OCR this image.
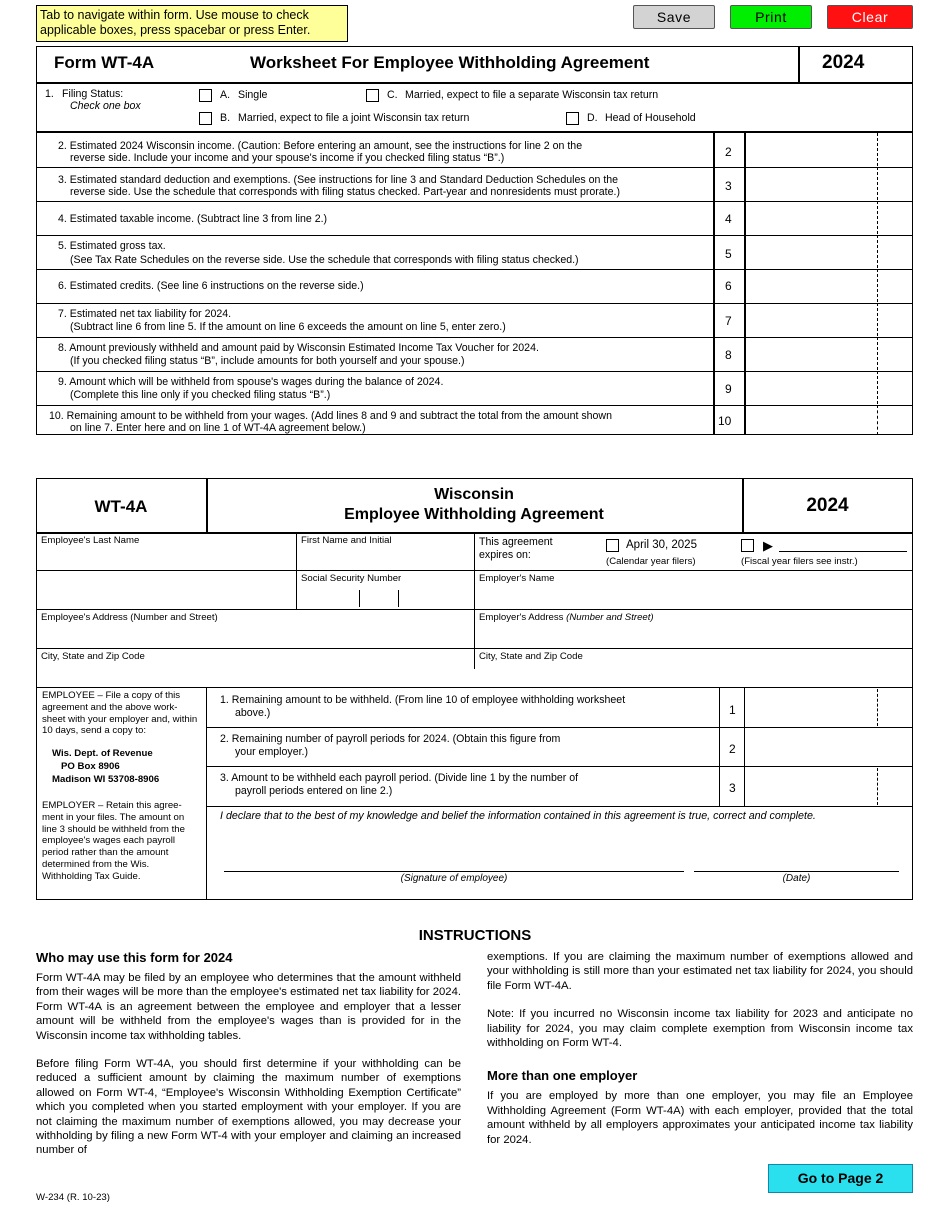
Tab to navigate within form. Use mouse to check applicable boxes, press spacebar or press Enter.
Save	Print	Clear
Form WT-4A	Worksheet For Employee Withholding Agreement	2024
1. Filing Status:
Check one box
A. Single
B. Married, expect to file a joint Wisconsin tax return
C. Married, expect to file a separate Wisconsin tax return
D. Head of Household
2. Estimated 2024 Wisconsin income. (Caution: Before entering an amount, see the instructions for line 2 on the
reverse side. Include your income and your spouse's income if you checked filing status “B”.)	2
3. Estimated standard deduction and exemptions. (See instructions for line 3 and Standard Deduction Schedules on the
reverse side. Use the schedule that corresponds with filing status checked. Part-year and nonresidents must prorate.)	3
4. Estimated taxable income. (Subtract line 3 from line 2.)	4
5. Estimated gross tax.
(See Tax Rate Schedules on the reverse side. Use the schedule that corresponds with filing status checked.)	5
6. Estimated credits. (See line 6 instructions on the reverse side.)	6
7. Estimated net tax liability for 2024.
(Subtract line 6 from line 5. If the amount on line 6 exceeds the amount on line 5, enter zero.)	7
8. Amount previously withheld and amount paid by Wisconsin Estimated Income Tax Voucher for 2024.
(If you checked filing status “B”, include amounts for both yourself and your spouse.)	8
9. Amount which will be withheld from spouse's wages during the balance of 2024.
(Complete this line only if you checked filing status “B”.)	9
10. Remaining amount to be withheld from your wages. (Add lines 8 and 9 and subtract the total from the amount shown
on line 7. Enter here and on line 1 of WT-4A agreement below.)	10
WT-4A
Wisconsin
Employee Withholding Agreement	2024
Employee's Last Name	First Name and Initial	This agreement
expires on:
April 30, 2025
(Calendar year filers)
▶
(Fiscal year filers see instr.)
Social Security Number	Employer's Name
Employee's Address (Number and Street)	Employer's Address (Number and Street)
City, State and Zip Code	City, State and Zip Code
EMPLOYEE – File a copy of this agreement and the above work-sheet with your employer and, within 10 days, send a copy to:
Wis. Dept. of Revenue
PO Box 8906
Madison WI 53708-8906
EMPLOYER – Retain this agree-ment in your files. The amount on line 3 should be withheld from the employee's wages each payroll period rather than the amount determined from the Wis. Withholding Tax Guide.
1. Remaining amount to be withheld. (From line 10 of employee withholding worksheet
above.)	1
2. Remaining number of payroll periods for 2024. (Obtain this figure from
your employer.)	2
3. Amount to be withheld each payroll period. (Divide line 1 by the number of
payroll periods entered on line 2.)	3
I declare that to the best of my knowledge and belief the information contained in this agreement is true, correct and complete.
(Signature of employee)	(Date)
INSTRUCTIONS
Who may use this form for 2024

Form WT-4A may be filed by an employee who determines that the amount withheld from their wages will be more than the employee's estimated net tax liability for 2024. Form WT-4A is an agreement between the employee and employer that a lesser amount will be withheld from the employee's wages than is provided for in the Wisconsin income tax withholding tables.

Before filing Form WT-4A, you should first determine if your withholding can be reduced a sufficient amount by claiming the maximum number of exemptions allowed on Form WT-4, “Employee's Wisconsin Withholding Exemption Certificate” which you completed when you started employment with your employer. If you are not claiming the maximum number of exemptions allowed, you may decrease your withholding by filing a new Form WT-4 with your employer and claiming an increased number of

exemptions. If you are claiming the maximum number of exemptions allowed and your withholding is still more than your estimated net tax liability for 2024, you should file Form WT-4A.

Note: If you incurred no Wisconsin income tax liability for 2023 and anticipate no liability for 2024, you may claim complete exemption from Wisconsin income tax withholding on Form WT-4.

More than one employer

If you are employed by more than one employer, you may file an Employee Withholding Agreement (Form WT-4A) with each employer, provided that the total amount withheld by all employers approximates your anticipated income tax liability for 2024.

Go to Page 2
W-234 (R. 10-23)
